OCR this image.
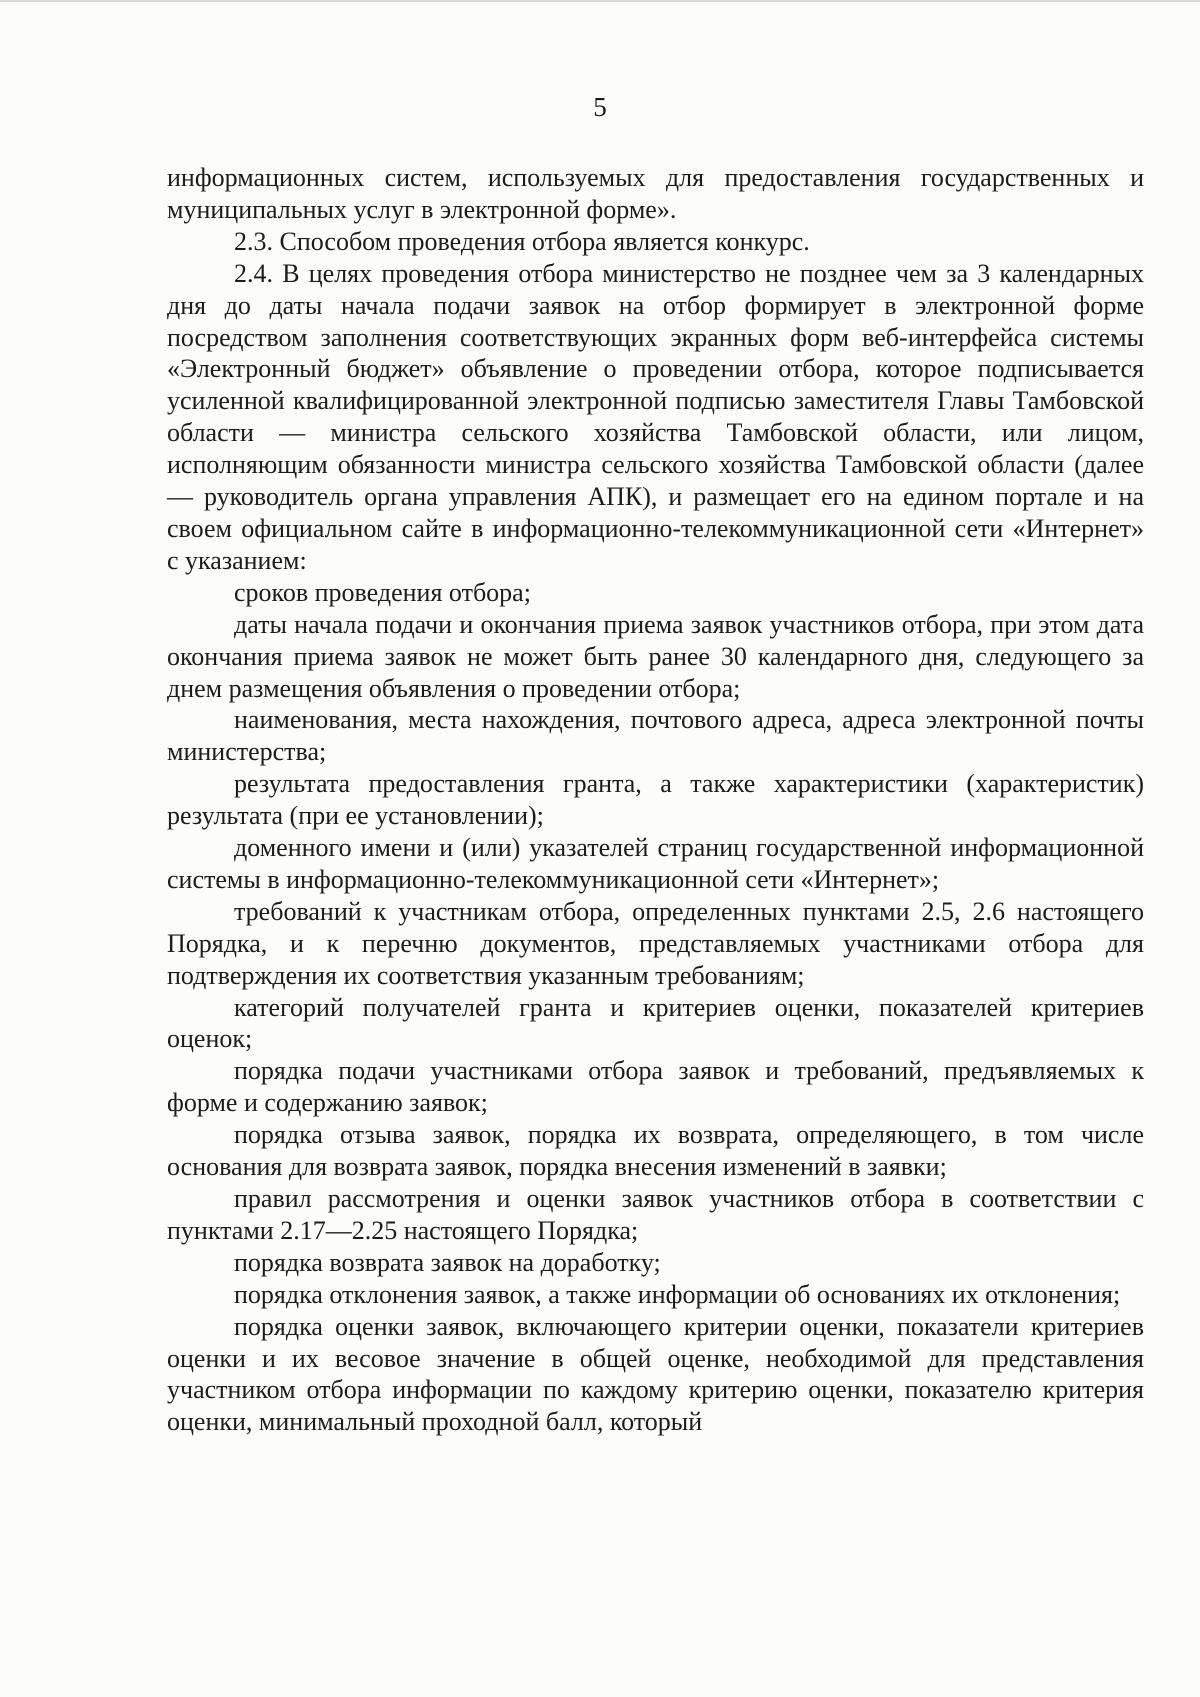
5

информационных систем, используемых для предоставления государственных и муниципальных услуг в электронной форме».

2.3. Способом проведения отбора является конкурс.

2.4. В целях проведения отбора министерство не позднее чем за 3 календарных дня до даты начала подачи заявок на отбор формирует в электронной форме посредством заполнения соответствующих экранных форм веб-интерфейса системы «Электронный бюджет» объявление о проведении отбора, которое подписывается усиленной квалифицированной электронной подписью заместителя Главы Тамбовской области — министра сельского хозяйства Тамбовской области, или лицом, исполняющим обязанности министра сельского хозяйства Тамбовской области (далее — руководитель органа управления АПК), и размещает его на едином портале и на своем официальном сайте в информационно-телекоммуникационной сети «Интернет» с указанием:

сроков проведения отбора;

даты начала подачи и окончания приема заявок участников отбора, при этом дата окончания приема заявок не может быть ранее 30 календарного дня, следующего за днем размещения объявления о проведении отбора;

наименования, места нахождения, почтового адреса, адреса электронной почты министерства;

результата предоставления гранта, а также характеристики (характеристик) результата (при ее установлении);

доменного имени и (или) указателей страниц государственной информационной системы в информационно-телекоммуникационной сети «Интернет»;

требований к участникам отбора, определенных пунктами 2.5, 2.6 настоящего Порядка, и к перечню документов, представляемых участниками отбора для подтверждения их соответствия указанным требованиям;

категорий получателей гранта и критериев оценки, показателей критериев оценок;

порядка подачи участниками отбора заявок и требований, предъявляемых к форме и содержанию заявок;

порядка отзыва заявок, порядка их возврата, определяющего, в том числе основания для возврата заявок, порядка внесения изменений в заявки;

правил рассмотрения и оценки заявок участников отбора в соответствии с пунктами 2.17—2.25 настоящего Порядка;

порядка возврата заявок на доработку;

порядка отклонения заявок, а также информации об основаниях их отклонения;

порядка оценки заявок, включающего критерии оценки, показатели критериев оценки и их весовое значение в общей оценке, необходимой для представления участником отбора информации по каждому критерию оценки, показателю критерия оценки, минимальный проходной балл, который
